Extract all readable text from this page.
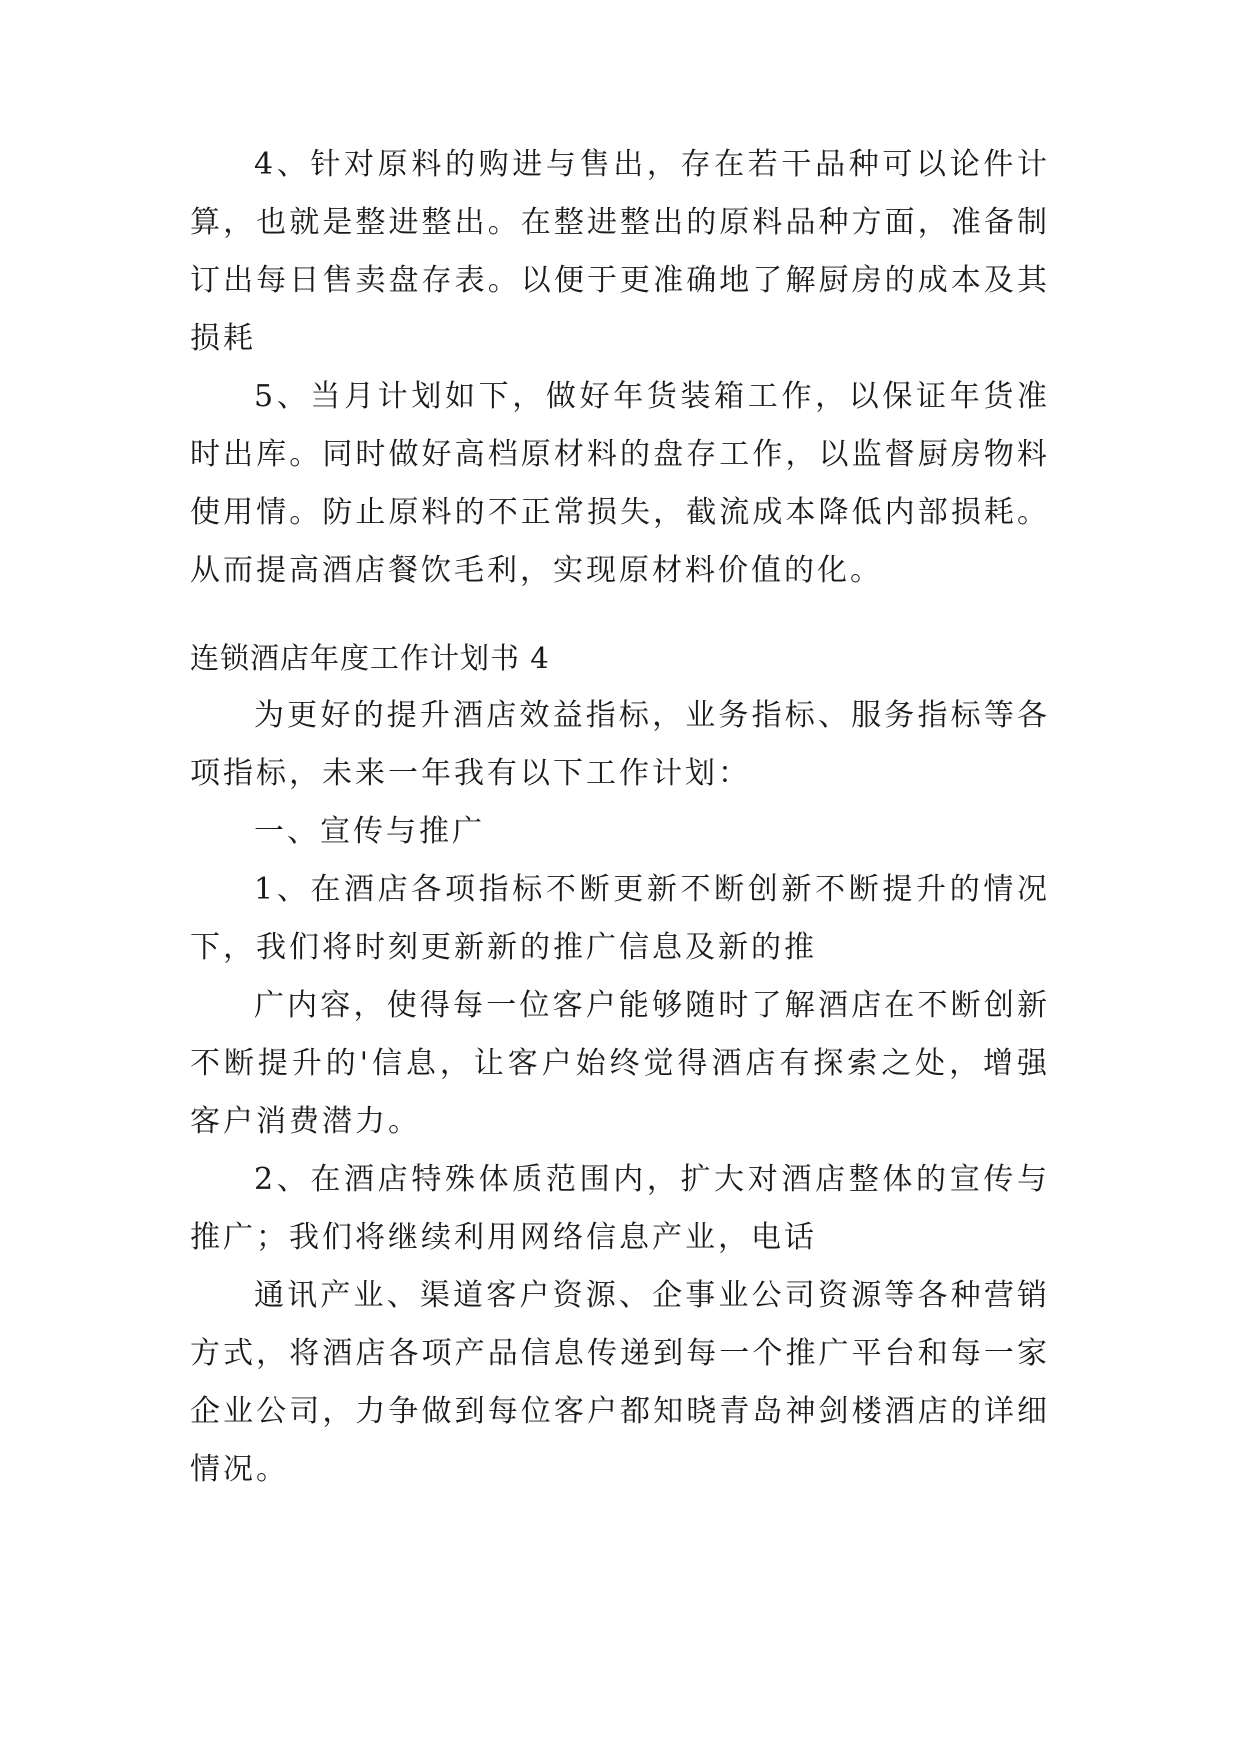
4、针对原料的购进与售出，存在若干品种可以论件计算，也就是整进整出。在整进整出的原料品种方面，准备制订出每日售卖盘存表。以便于更准确地了解厨房的成本及其损耗

5、当月计划如下，做好年货装箱工作，以保证年货准时出库。同时做好高档原材料的盘存工作，以监督厨房物料使用情。防止原料的不正常损失，截流成本降低内部损耗。从而提高酒店餐饮毛利，实现原材料价值的化。

连锁酒店年度工作计划书 4

为更好的提升酒店效益指标，业务指标、服务指标等各项指标，未来一年我有以下工作计划：

一、宣传与推广

1、在酒店各项指标不断更新不断创新不断提升的情况下，我们将时刻更新新的推广信息及新的推

广内容，使得每一位客户能够随时了解酒店在不断创新不断提升的'信息，让客户始终觉得酒店有探索之处，增强客户消费潜力。

2、在酒店特殊体质范围内，扩大对酒店整体的宣传与推广；我们将继续利用网络信息产业，电话

通讯产业、渠道客户资源、企事业公司资源等各种营销方式，将酒店各项产品信息传递到每一个推广平台和每一家企业公司，力争做到每位客户都知晓青岛神剑楼酒店的详细情况。
